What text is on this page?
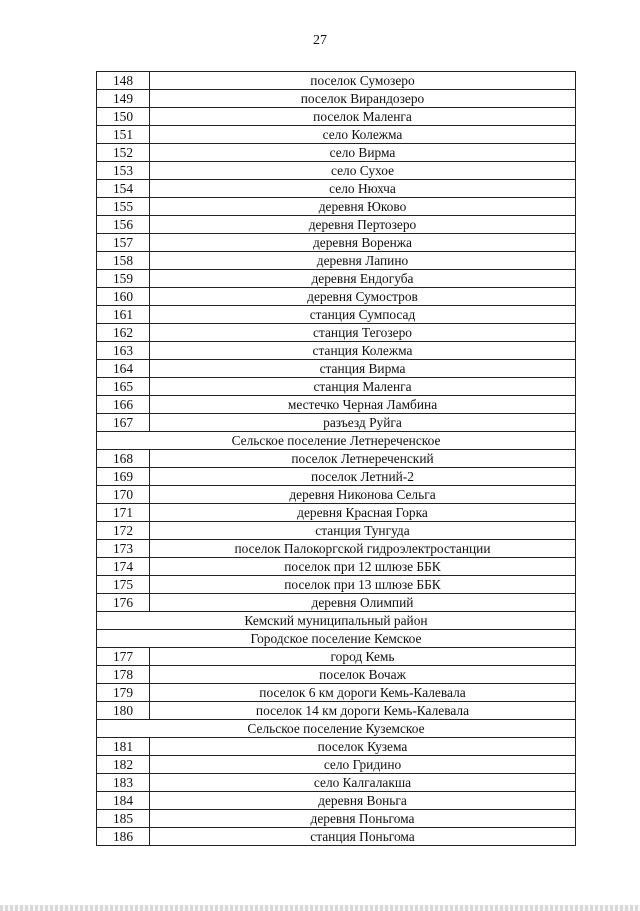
27
148	поселок Сумозеро
149	поселок Вирандозеро
150	поселок Маленга
151	село Колежма
152	село Вирма
153	село Сухое
154	село Нюхча
155	деревня Юково
156	деревня Пертозеро
157	деревня Воренжа
158	деревня Лапино
159	деревня Ендогуба
160	деревня Сумостров
161	станция Сумпосад
162	станция Тегозеро
163	станция Колежма
164	станция Вирма
165	станция Маленга
166	местечко Черная Ламбина
167	разъезд Руйга
Сельское поселение Летнереченское	
168	поселок Летнереченский
169	поселок Летний-2
170	деревня Никонова Сельга
171	деревня Красная Горка
172	станция Тунгуда
173	поселок Палокоргской гидроэлектростанции
174	поселок при 12 шлюзе ББК
175	поселок при 13 шлюзе ББК
176	деревня Олимпий
Кемский муниципальный район	
Городское поселение Кемское	
177	город Кемь
178	поселок Вочаж
179	поселок 6 км дороги Кемь-Калевала
180	поселок 14 км дороги Кемь-Калевала
Сельское поселение Куземское	
181	поселок Кузема
182	село Гридино
183	село Калгалакша
184	деревня Воньга
185	деревня Поньгома
186	станция Поньгома
